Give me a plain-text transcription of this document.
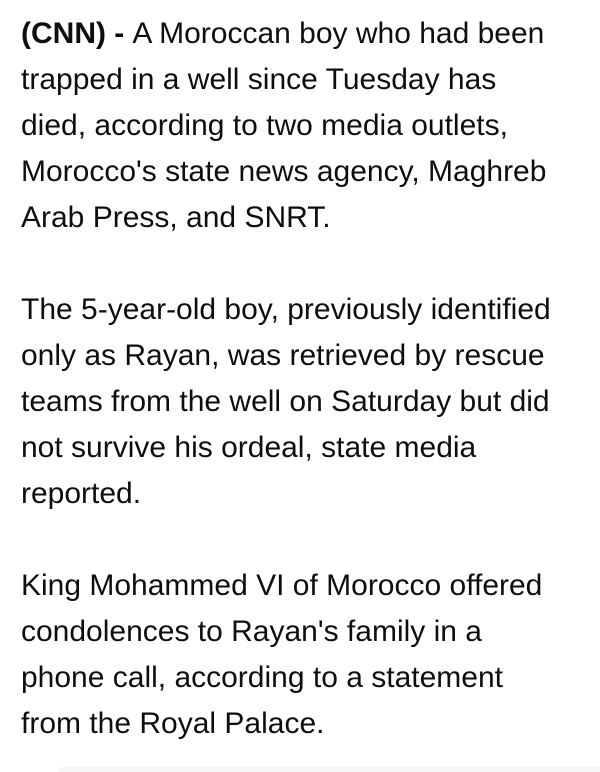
(CNN) - A Moroccan boy who had been
trapped in a well since Tuesday has
died, according to two media outlets,
Morocco's state news agency, Maghreb
Arab Press, and SNRT.

The 5-year-old boy, previously identified
only as Rayan, was retrieved by rescue
teams from the well on Saturday but did
not survive his ordeal, state media
reported.

King Mohammed VI of Morocco offered
condolences to Rayan's family in a
phone call, according to a statement
from the Royal Palace.
